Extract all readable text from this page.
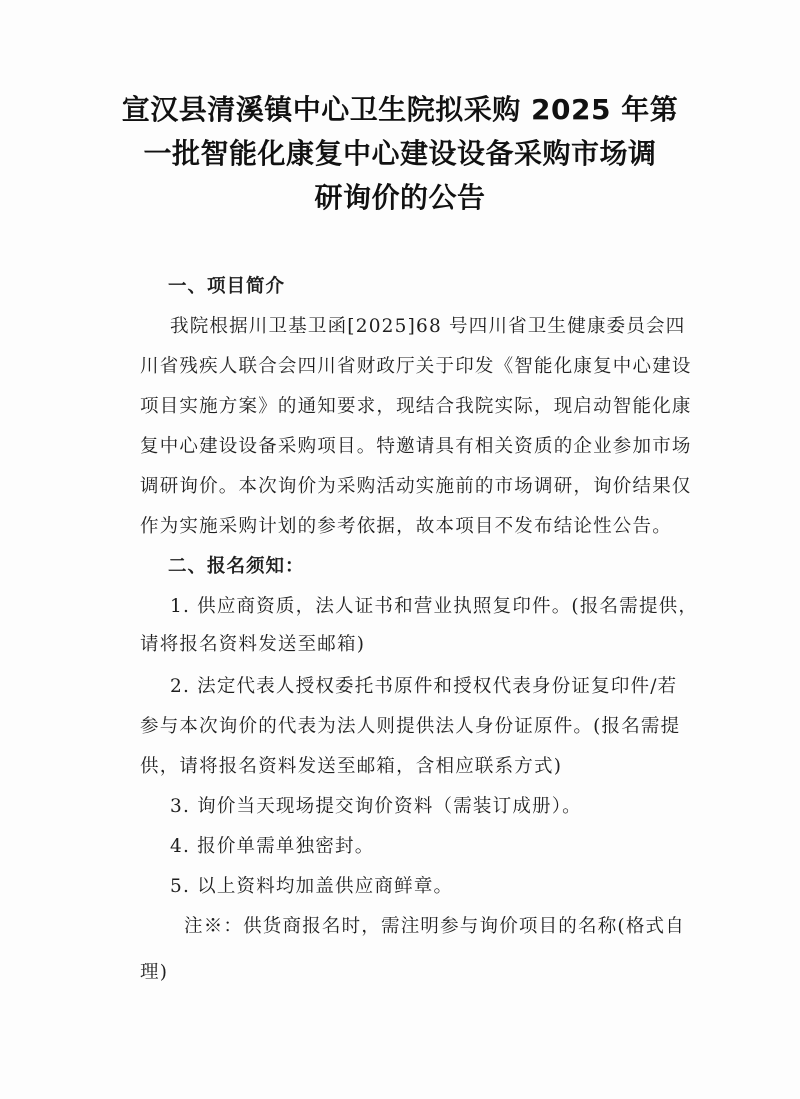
宣汉县清溪镇中心卫生院拟采购 2025 年第
一批智能化康复中心建设设备采购市场调
研询价的公告
一、项目简介
我院根据川卫基卫函[2025]68 号四川省卫生健康委员会四
川省残疾人联合会四川省财政厅关于印发《智能化康复中心建设
项目实施方案》的通知要求，现结合我院实际，现启动智能化康
复中心建设设备采购项目。特邀请具有相关资质的企业参加市场
调研询价。本次询价为采购活动实施前的市场调研，询价结果仅
作为实施采购计划的参考依据，故本项目不发布结论性公告。
二、报名须知：
1. 供应商资质，法人证书和营业执照复印件。(报名需提供，
请将报名资料发送至邮箱)
2. 法定代表人授权委托书原件和授权代表身份证复印件/若
参与本次询价的代表为法人则提供法人身份证原件。(报名需提
供，请将报名资料发送至邮箱，含相应联系方式)
3. 询价当天现场提交询价资料（需装订成册）。
4. 报价单需单独密封。
5. 以上资料均加盖供应商鲜章。
注※：供货商报名时，需注明参与询价项目的名称(格式自
理)
